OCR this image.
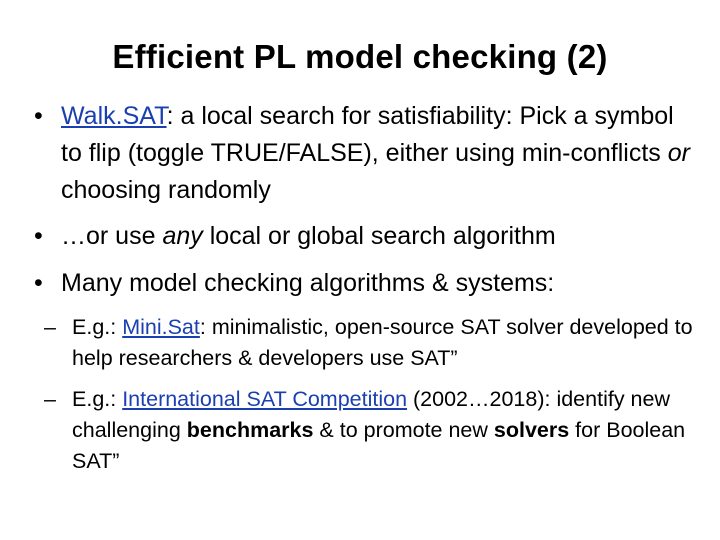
Efficient PL model checking (2)
• Walk.SAT: a local search for satisfiability: Pick a symbol to flip (toggle TRUE/FALSE), either using min-conflicts or choosing randomly
• …or use any local or global search algorithm
• Many model checking algorithms & systems:
– E.g.: Mini.Sat: minimalistic, open-source SAT solver developed to help researchers & developers use SAT”
– E.g.: International SAT Competition (2002…2018): identify new challenging benchmarks & to promote new solvers for Boolean SAT”
